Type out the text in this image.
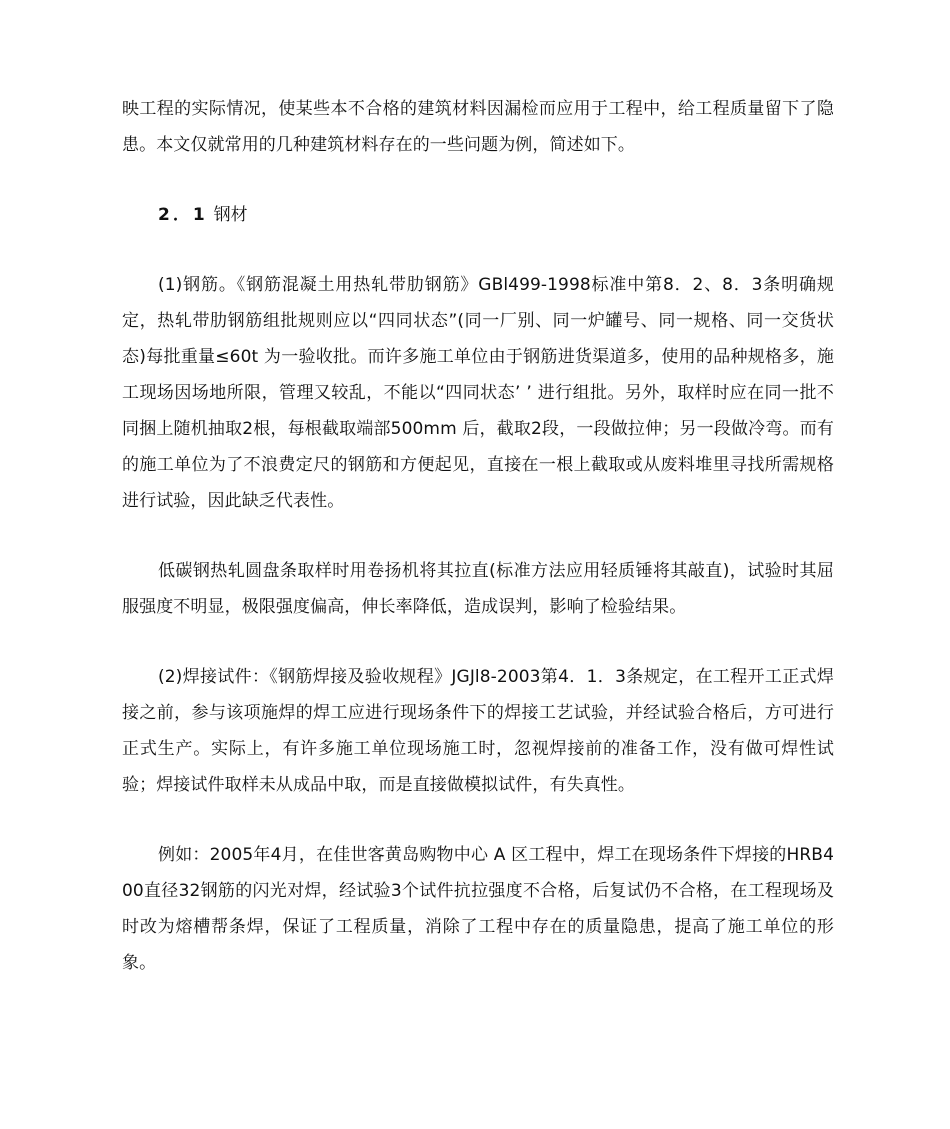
映工程的实际情况，使某些本不合格的建筑材料因漏检而应用于工程中，给工程质量留下了隐患。本文仅就常用的几种建筑材料存在的一些问题为例，简述如下。

2．1 钢材

(1)钢筋。《钢筋混凝土用热轧带肋钢筋》GBl499-1998标准中第8．2、8．3条明确规定，热轧带肋钢筋组批规则应以“四同状态”(同一厂别、同一炉罐号、同一规格、同一交货状态)每批重量≤60t 为一验收批。而许多施工单位由于钢筋进货渠道多，使用的品种规格多，施工现场因场地所限，管理又较乱，不能以“四同状态’ ’ 进行组批。另外，取样时应在同一批不同捆上随机抽取2根，每根截取端部500mm 后，截取2段，一段做拉伸；另一段做冷弯。而有的施工单位为了不浪费定尺的钢筋和方便起见，直接在一根上截取或从废料堆里寻找所需规格进行试验，因此缺乏代表性。

低碳钢热轧圆盘条取样时用卷扬机将其拉直(标准方法应用轻质锤将其敲直)，试验时其屈服强度不明显，极限强度偏高，伸长率降低，造成误判，影响了检验结果。

(2)焊接试件：《钢筋焊接及验收规程》JGJl8-2003第4．1．3条规定，在工程开工正式焊接之前，参与该项施焊的焊工应进行现场条件下的焊接工艺试验，并经试验合格后，方可进行正式生产。实际上，有许多施工单位现场施工时，忽视焊接前的准备工作，没有做可焊性试验；焊接试件取样未从成品中取，而是直接做模拟试件，有失真性。

例如：2005年4月，在佳世客黄岛购物中心 A 区工程中，焊工在现场条件下焊接的HRB400直径32钢筋的闪光对焊，经试验3个试件抗拉强度不合格，后复试仍不合格，在工程现场及时改为熔槽帮条焊，保证了工程质量，消除了工程中存在的质量隐患，提高了施工单位的形象。
